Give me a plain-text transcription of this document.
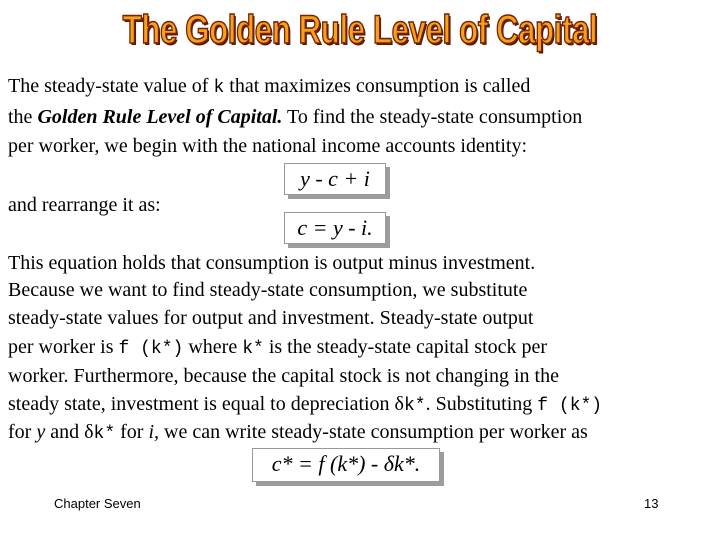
The Golden Rule Level of Capital
The steady-state value of k that maximizes consumption is called
the Golden Rule Level of Capital. To find the steady-state consumption
per worker, we begin with the national income accounts identity:
y - c + i
and rearrange it as:
c = y - i.
This equation holds that consumption is output minus investment.
Because we want to find steady-state consumption, we substitute
steady-state values for output and investment. Steady-state output
per worker is f (k*) where k* is the steady-state capital stock per
worker. Furthermore, because the capital stock is not changing in the
steady state, investment is equal to depreciation δk*. Substituting f (k*)
for y and δk* for i, we can write steady-state consumption per worker as
c* = f (k*) - δk*.
Chapter Seven	13
